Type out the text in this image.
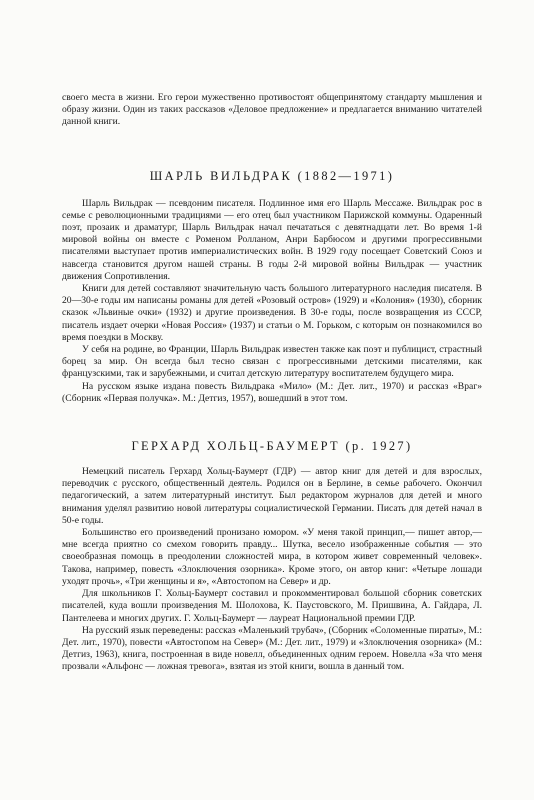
своего места в жизни. Его герои мужественно противостоят общепринятому стандарту мышления и образу жизни. Один из таких рассказов «Деловое предложение» и предлагается вниманию читателей данной книги.

ШАРЛЬ ВИЛЬДРАК (1882—1971)

Шарль Вильдрак — псевдоним писателя. Подлинное имя его Шарль Мессаже. Вильдрак рос в семье с революционными традициями — его отец был участником Парижской коммуны. Одаренный поэт, прозаик и драматург, Шарль Вильдрак начал печататься с девятнадцати лет. Во время 1-й мировой войны он вместе с Роменом Ролланом, Анри Барбюсом и другими прогрессивными писателями выступает против империалистических войн. В 1929 году посещает Советский Союз и навсегда становится другом нашей страны. В годы 2-й мировой войны Вильдрак — участник движения Сопротивления.

Книги для детей составляют значительную часть большого литературного наследия писателя. В 20—30-е годы им написаны романы для детей «Розовый остров» (1929) и «Колония» (1930), сборник сказок «Львиные очки» (1932) и другие произведения. В 30-е годы, после возвращения из СССР, писатель издает очерки «Новая Россия» (1937) и статьи о М. Горьком, с которым он познакомился во время поездки в Москву.

У себя на родине, во Франции, Шарль Вильдрак известен также как поэт и публицист, страстный борец за мир. Он всегда был тесно связан с прогрессивными детскими писателями, как французскими, так и зарубежными, и считал детскую литературу воспитателем будущего мира.

На русском языке издана повесть Вильдрака «Мило» (М.: Дет. лит., 1970) и рассказ «Враг» (Сборник «Первая получка». М.: Детгиз, 1957), вошедший в этот том.

ГЕРХАРД ХОЛЬЦ-БАУМЕРТ (р. 1927)

Немецкий писатель Герхард Хольц-Баумерт (ГДР) — автор книг для детей и для взрослых, переводчик с русского, общественный деятель. Родился он в Берлине, в семье рабочего. Окончил педагогический, а затем литературный институт. Был редактором журналов для детей и много внимания уделял развитию новой литературы социалистической Германии. Писать для детей начал в 50-е годы.

Большинство его произведений пронизано юмором. «У меня такой принцип,— пишет автор,— мне всегда приятно со смехом говорить правду... Шутка, весело изображенные события — это своеобразная помощь в преодолении сложностей мира, в котором живет современный человек». Такова, например, повесть «Злоключения озорника». Кроме этого, он автор книг: «Четыре лошади уходят прочь», «Три женщины и я», «Автостопом на Север» и др.

Для школьников Г. Хольц-Баумерт составил и прокомментировал большой сборник советских писателей, куда вошли произведения М. Шолохова, К. Паустовского, М. Пришвина, А. Гайдара, Л. Пантелеева и многих других. Г. Хольц-Баумерт — лауреат Национальной премии ГДР.

На русский язык переведены: рассказ «Маленький трубач», (Сборник «Соломенные пираты», М.: Дет. лит., 1970), повести «Автостопом на Север» (М.: Дет. лит., 1979) и «Злоключения озорника» (М.: Детгиз, 1963), книга, построенная в виде новелл, объединенных одним героем. Новелла «За что меня прозвали «Альфонс — ложная тревога», взятая из этой книги, вошла в данный том.
